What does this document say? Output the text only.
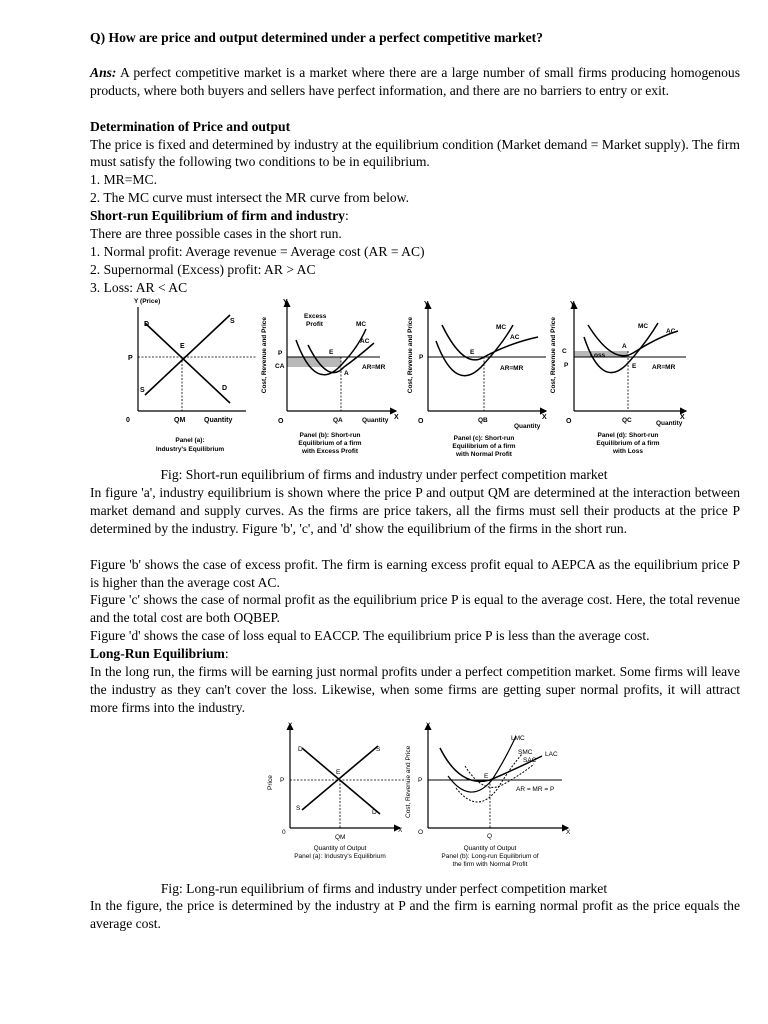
Q) How are price and output determined under a perfect competitive market?
Ans: A perfect competitive market is a market where there are a large number of small firms producing homogenous products, where both buyers and sellers have perfect information, and there are no barriers to entry or exit.
Determination of Price and output
The price is fixed and determined by industry at the equilibrium condition (Market demand = Market supply). The firm must satisfy the following two conditions to be in equilibrium.
1. MR=MC.
2. The MC curve must intersect the MR curve from below.
Short-run Equilibrium of firm and industry:
There are three possible cases in the short run.
1. Normal profit: Average revenue = Average cost (AR = AC)
2. Supernormal (Excess) profit: AR > AC
3. Loss: AR < AC
Y (Price)
D	S
E
P
S	D
0	QM	Quantity
Panel (a):
Industry's Equilibrium
Cost, Revenue and Price
Y
Excess
Profit	MC
AC
P
CA
E
A
AR=MR
O	QA	Quantity X
Panel (b): Short-run
Equilibrium of a firm
with Excess Profit
Cost, Revenue and Price
Y
MC
AC
P
E
AR=MR
O	QB
Quantity
X
Panel (c): Short-run
Equilibrium of a firm
with Normal Profit
Cost, Revenue and Price
Y
MC
AC
C
P
Loss
A
E AR=MR
O	QC	Quantity
X
Panel (d): Short-run
Equilibrium of a firm
with Loss
Fig: Short-run equilibrium of firms and industry under perfect competition market
In figure 'a', industry equilibrium is shown where the price P and output QM are determined at the interaction between market demand and supply curves. As the firms are price takers, all the firms must sell their products at the price P determined by the industry. Figure 'b', 'c', and 'd' show the equilibrium of the firms in the short run.
Figure 'b' shows the case of excess profit. The firm is earning excess profit equal to AEPCA as the equilibrium price P is higher than the average cost AC.
Figure 'c' shows the case of normal profit as the equilibrium price P is equal to the average cost. Here, the total revenue and the total cost are both OQBEP.
Figure 'd' shows the case of loss equal to EACCP. The equilibrium price P is less than the average cost.
Long-Run Equilibrium:
In the long run, the firms will be earning just normal profits under a perfect competition market. Some firms will leave the industry as they can't cover the loss. Likewise, when some firms are getting super normal profits, it will attract more firms into the industry.
Y
Price
D	S
E
P
S
D
0
QM
X
Quantity of Output
Panel (a): Industry's Equilibrium
Y
Cost, Revenue and Price P
LMC
SMC
SAC
LAC
E
AR = MR = P
O
Q
X
Quantity of Output
Panel (b): Long-run Equilibrium of
the firm with Normal Profit
Fig: Long-run equilibrium of firms and industry under perfect competition market
In the figure, the price is determined by the industry at P and the firm is earning normal profit as the price equals the average cost.
